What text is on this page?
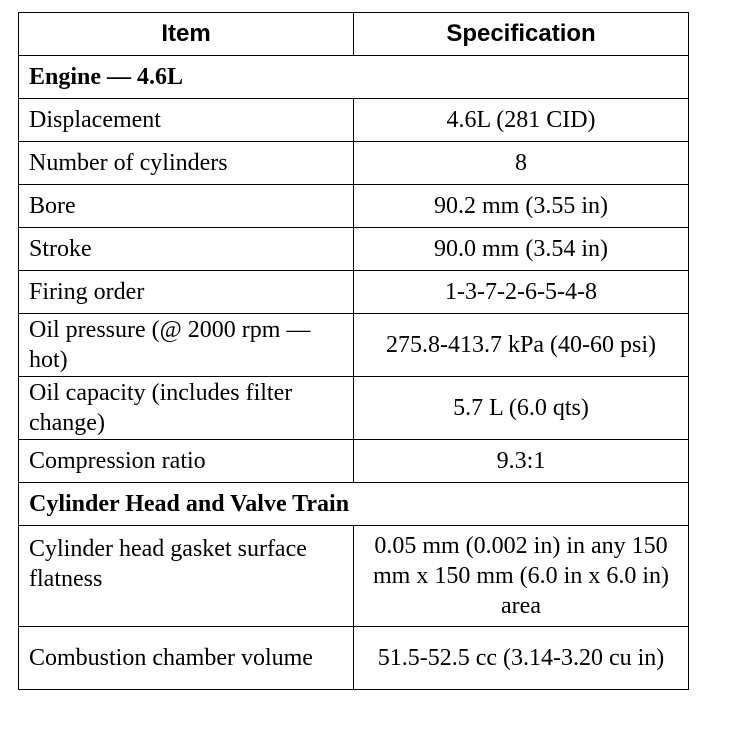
Item	Specification
Engine — 4.6L	
Displacement	4.6L (281 CID)
Number of cylinders	8
Bore	90.2 mm (3.55 in)
Stroke	90.0 mm (3.54 in)
Firing order	1-3-7-2-6-5-4-8
Oil pressure (@ 2000 rpm — hot)	275.8-413.7 kPa (40-60 psi)
Oil capacity (includes filter change)	5.7 L (6.0 qts)
Compression ratio	9.3:1
Cylinder Head and Valve Train	
Cylinder head gasket surface flatness	0.05 mm (0.002 in) in any 150 mm x 150 mm (6.0 in x 6.0 in) area
Combustion chamber volume	51.5-52.5 cc (3.14-3.20 cu in)
